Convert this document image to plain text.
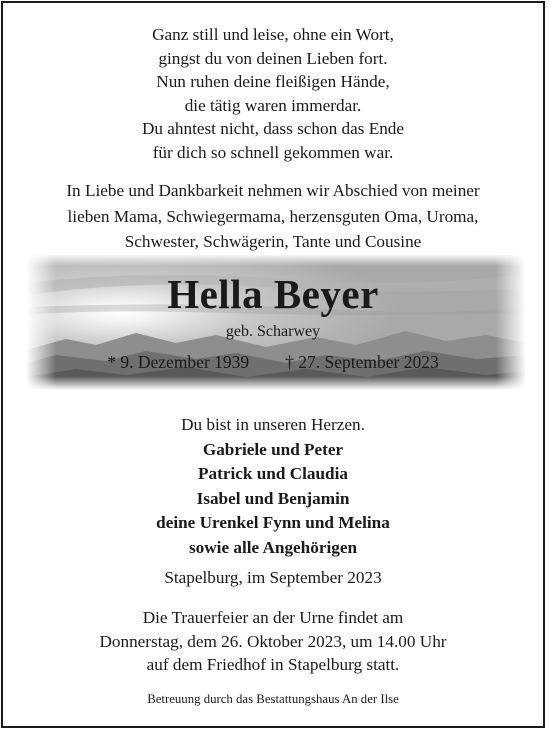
Ganz still und leise, ohne ein Wort,
gingst du von deinen Lieben fort.
Nun ruhen deine fleißigen Hände,
die tätig waren immerdar.
Du ahntest nicht, dass schon das Ende
für dich so schnell gekommen war.
In Liebe und Dankbarkeit nehmen wir Abschied von meiner
lieben Mama, Schwiegermama, herzensguten Oma, Uroma,
Schwester, Schwägerin, Tante und Cousine
Hella Beyer
geb. Scharwey
* 9. Dezember 1939 † 27. September 2023
Du bist in unseren Herzen.
Gabriele und Peter
Patrick und Claudia
Isabel und Benjamin
deine Urenkel Fynn und Melina
sowie alle Angehörigen
Stapelburg, im September 2023
Die Trauerfeier an der Urne findet am
Donnerstag, dem 26. Oktober 2023, um 14.00 Uhr
auf dem Friedhof in Stapelburg statt.
Betreuung durch das Bestattungshaus An der Ilse
